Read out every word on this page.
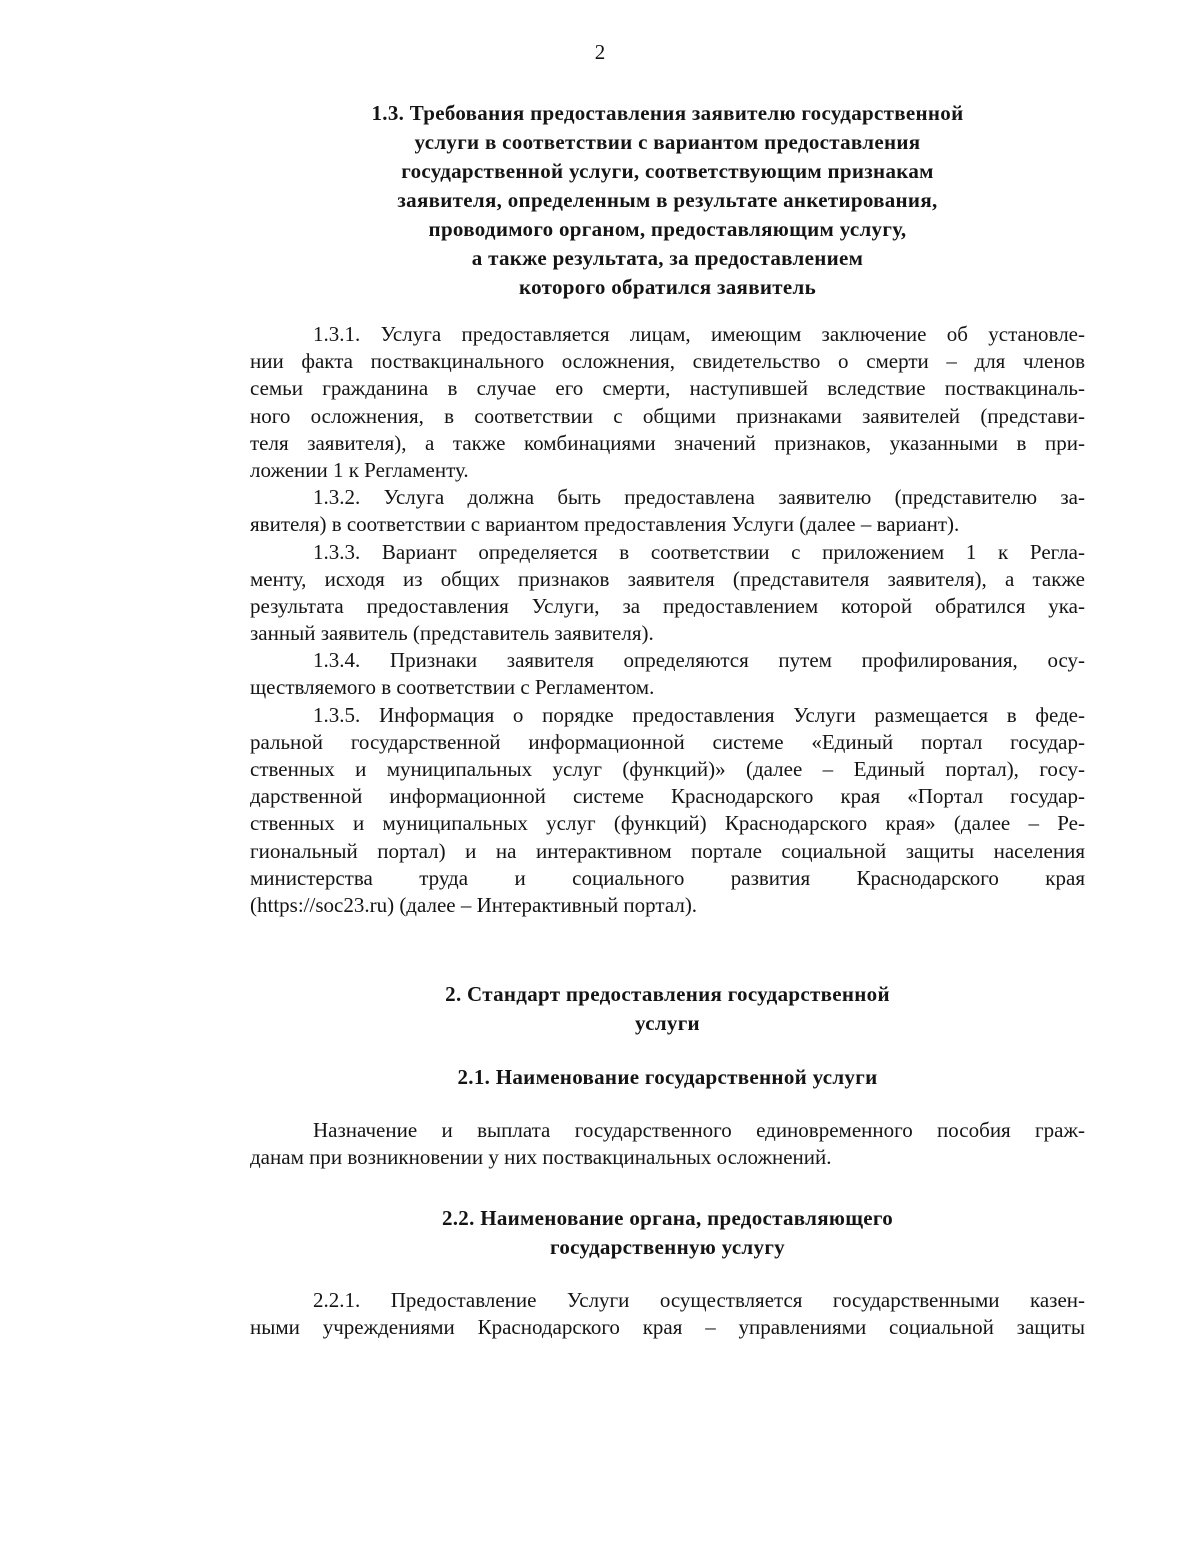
2
1.3. Требования предоставления заявителю государственной
услуги в соответствии с вариантом предоставления
государственной услуги, соответствующим признакам
заявителя, определенным в результате анкетирования,
проводимого органом, предоставляющим услугу,
а также результата, за предоставлением
которого обратился заявитель
1.3.1. Услуга предоставляется лицам, имеющим заключение об установле-
нии факта поствакцинального осложнения, свидетельство о смерти – для членов
семьи гражданина в случае его смерти, наступившей вследствие поствакциналь-
ного осложнения, в соответствии с общими признаками заявителей (представи-
теля заявителя), а также комбинациями значений признаков, указанными в при-
ложении 1 к Регламенту.
1.3.2. Услуга должна быть предоставлена заявителю (представителю за-
явителя) в соответствии с вариантом предоставления Услуги (далее – вариант).
1.3.3. Вариант определяется в соответствии с приложением 1 к Регла-
менту, исходя из общих признаков заявителя (представителя заявителя), а также
результата предоставления Услуги, за предоставлением которой обратился ука-
занный заявитель (представитель заявителя).
1.3.4. Признаки заявителя определяются путем профилирования, осу-
ществляемого в соответствии с Регламентом.
1.3.5. Информация о порядке предоставления Услуги размещается в феде-
ральной государственной информационной системе «Единый портал государ-
ственных и муниципальных услуг (функций)» (далее – Единый портал), госу-
дарственной информационной системе Краснодарского края «Портал государ-
ственных и муниципальных услуг (функций) Краснодарского края» (далее – Ре-
гиональный портал) и на интерактивном портале социальной защиты населения
министерства труда и социального развития Краснодарского края
(https://soc23.ru) (далее – Интерактивный портал).
2. Стандарт предоставления государственной
услуги
2.1. Наименование государственной услуги
Назначение и выплата государственного единовременного пособия граж-
данам при возникновении у них поствакцинальных осложнений.
2.2. Наименование органа, предоставляющего
государственную услугу
2.2.1. Предоставление Услуги осуществляется государственными казен-
ными учреждениями Краснодарского края – управлениями социальной защиты
